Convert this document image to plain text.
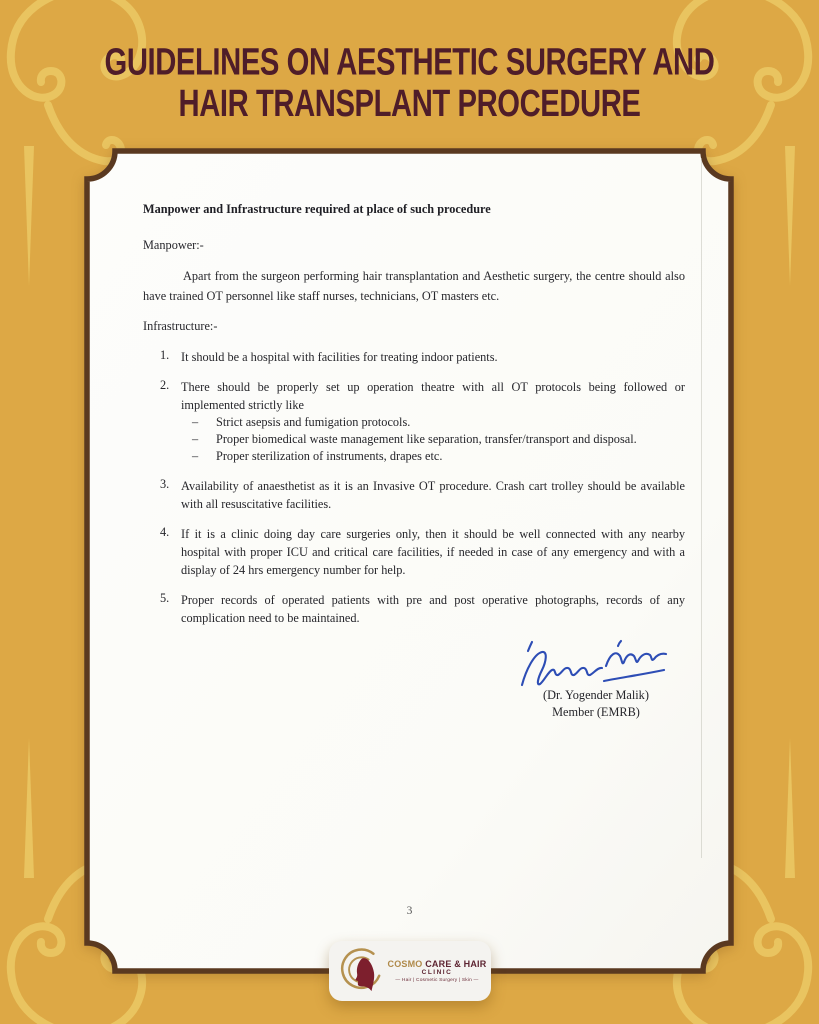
GUIDELINES ON AESTHETIC SURGERY AND
HAIR TRANSPLANT PROCEDURE
Manpower and Infrastructure required at place of such procedure
Manpower:-
Apart from the surgeon performing hair transplantation and Aesthetic surgery, the centre should also have trained OT personnel like staff nurses, technicians, OT masters etc.
Infrastructure:-
1. It should be a hospital with facilities for treating indoor patients.
2. There should be properly set up operation theatre with all OT protocols being followed or implemented strictly like
–	Strict asepsis and fumigation protocols.
–	Proper biomedical waste management like separation, transfer/transport and disposal.
–	Proper sterilization of instruments, drapes etc.
3. Availability of anaesthetist as it is an Invasive OT procedure. Crash cart trolley should be available with all resuscitative facilities.
4. If it is a clinic doing day care surgeries only, then it should be well connected with any nearby hospital with proper ICU and critical care facilities, if needed in case of any emergency and with a display of 24 hrs emergency number for help.
5. Proper records of operated patients with pre and post operative photographs, records of any complication need to be maintained.
(Dr. Yogender Malik)
Member (EMRB)
3
COSMO CARE & HAIR
CLINIC
— Hair | Cosmetic Surgery | Skin —
